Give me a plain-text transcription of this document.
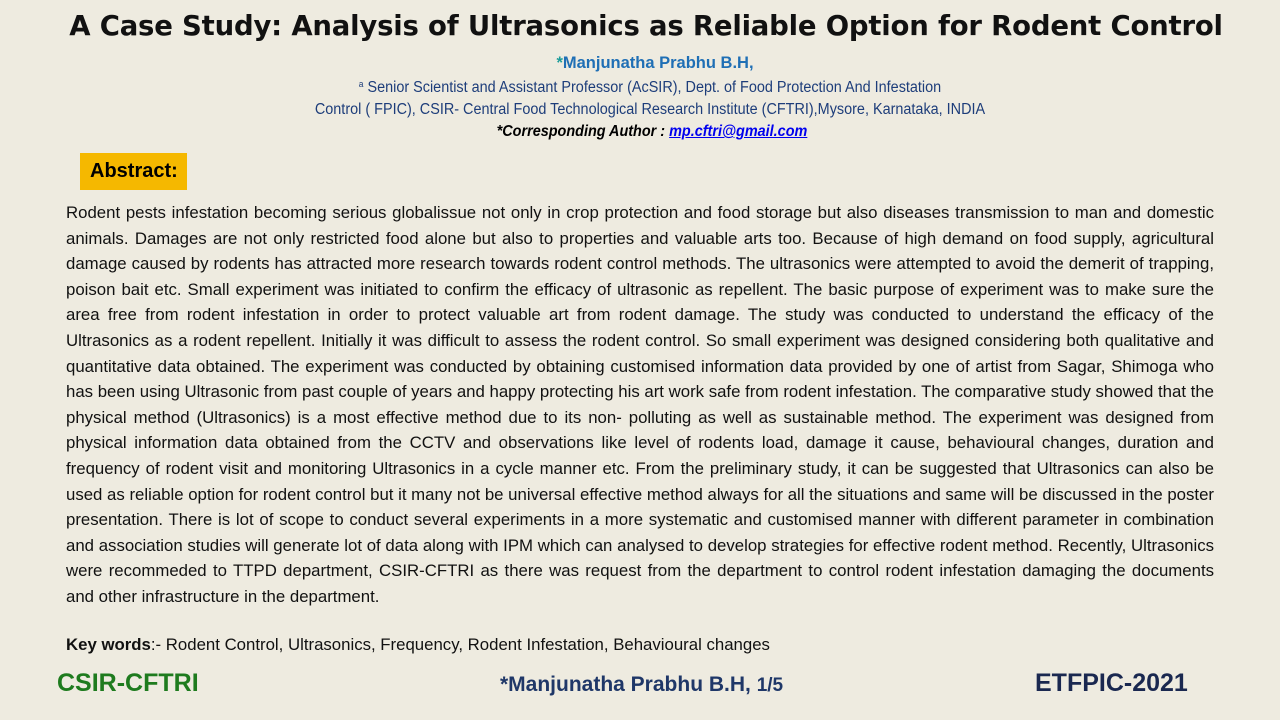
A Case Study: Analysis of Ultrasonics as Reliable Option for Rodent Control
*Manjunatha Prabhu B.H,
$^a$ Senior Scientist and Assistant Professor (AcSIR), Dept. of Food Protection And Infestation
Control ( FPIC), CSIR- Central Food Technological Research Institute (CFTRI),Mysore, Karnataka, INDIA
*Corresponding Author : mp.cftri@gmail.com
Abstract:
Rodent pests infestation becoming serious globalissue not only in crop protection and food storage but also diseases transmission to man and domestic animals. Damages are not only restricted food alone but also to properties and valuable arts too. Because of high demand on food supply, agricultural damage caused by rodents has attracted more research towards rodent control methods. The ultrasonics were attempted to avoid the demerit of trapping, poison bait etc. Small experiment was initiated to confirm the efficacy of ultrasonic as repellent. The basic purpose of experiment was to make sure the area free from rodent infestation in order to protect valuable art from rodent damage. The study was conducted to understand the efficacy of the Ultrasonics as a rodent repellent. Initially it was difficult to assess the rodent control. So small experiment was designed considering both qualitative and quantitative data obtained. The experiment was conducted by obtaining customised information data provided by one of artist from Sagar, Shimoga who has been using Ultrasonic from past couple of years and happy protecting his art work safe from rodent infestation. The comparative study showed that the physical method (Ultrasonics) is a most effective method due to its non- polluting as well as sustainable method. The experiment was designed from physical information data obtained from the CCTV and observations like level of rodents load, damage it cause, behavioural changes, duration and frequency of rodent visit and monitoring Ultrasonics in a cycle manner etc. From the preliminary study, it can be suggested that Ultrasonics can also be used as reliable option for rodent control but it many not be universal effective method always for all the situations and same will be discussed in the poster presentation. There is lot of scope to conduct several experiments in a more systematic and customised manner with different parameter in combination and association studies will generate lot of data along with IPM which can analysed to develop strategies for effective rodent method. Recently, Ultrasonics were recommeded to TTPD department, CSIR-CFTRI as there was request from the department to control rodent infestation damaging the documents and other infrastructure in the department.
Key words:- Rodent Control, Ultrasonics, Frequency, Rodent Infestation, Behavioural changes
CSIR-CFTRI	*Manjunatha Prabhu B.H, 1/5	ETFPIC-2021
